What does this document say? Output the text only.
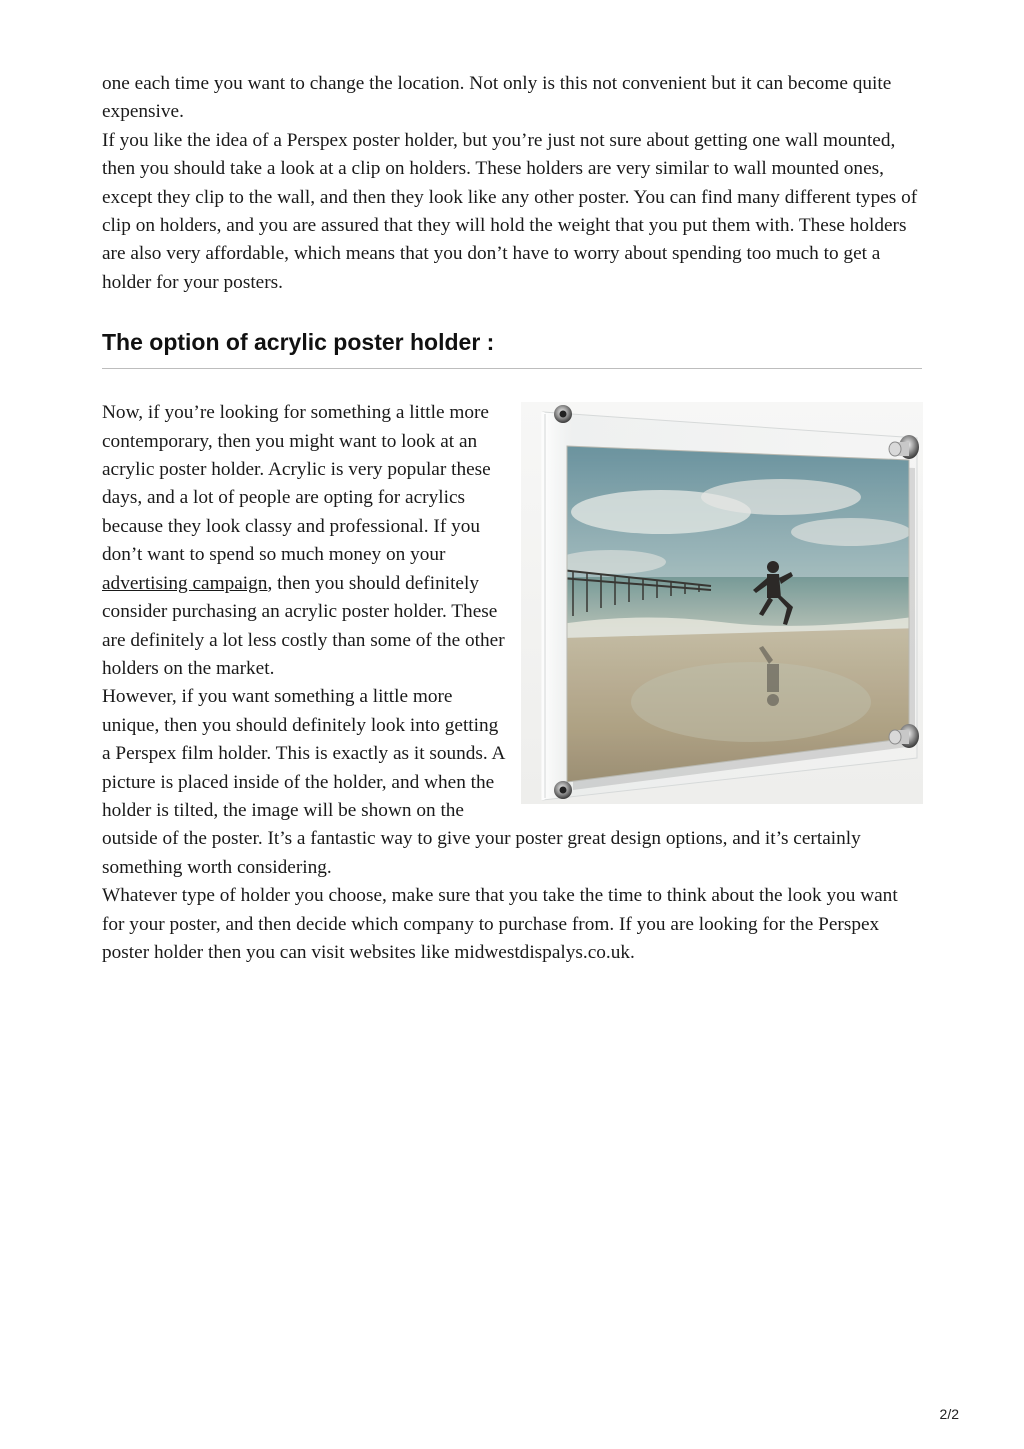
one each time you want to change the location. Not only is this not convenient but it can become quite expensive.

If you like the idea of a Perspex poster holder, but you’re just not sure about getting one wall mounted, then you should take a look at a clip on holders. These holders are very similar to wall mounted ones, except they clip to the wall, and then they look like any other poster. You can find many different types of clip on holders, and you are assured that they will hold the weight that you put them with. These holders are also very affordable, which means that you don’t have to worry about spending too much to get a holder for your posters.

The option of acrylic poster holder :

Now, if you’re looking for something a little more contemporary, then you might want to look at an acrylic poster holder. Acrylic is very popular these days, and a lot of people are opting for acrylics because they look classy and professional. If you don’t want to spend so much money on your advertising campaign, then you should definitely consider purchasing an acrylic poster holder. These are definitely a lot less costly than some of the other holders on the market.

However, if you want something a little more unique, then you should definitely look into getting a Perspex film holder. This is exactly as it sounds. A picture is placed inside of the holder, and when the holder is tilted, the image will be shown on the outside of the poster. It’s a fantastic way to give your poster great design options, and it’s certainly something worth considering.

Whatever type of holder you choose, make sure that you take the time to think about the look you want for your poster, and then decide which company to purchase from. If you are looking for the Perspex poster holder then you can visit websites like midwestdispalys.co.uk.

2/2
